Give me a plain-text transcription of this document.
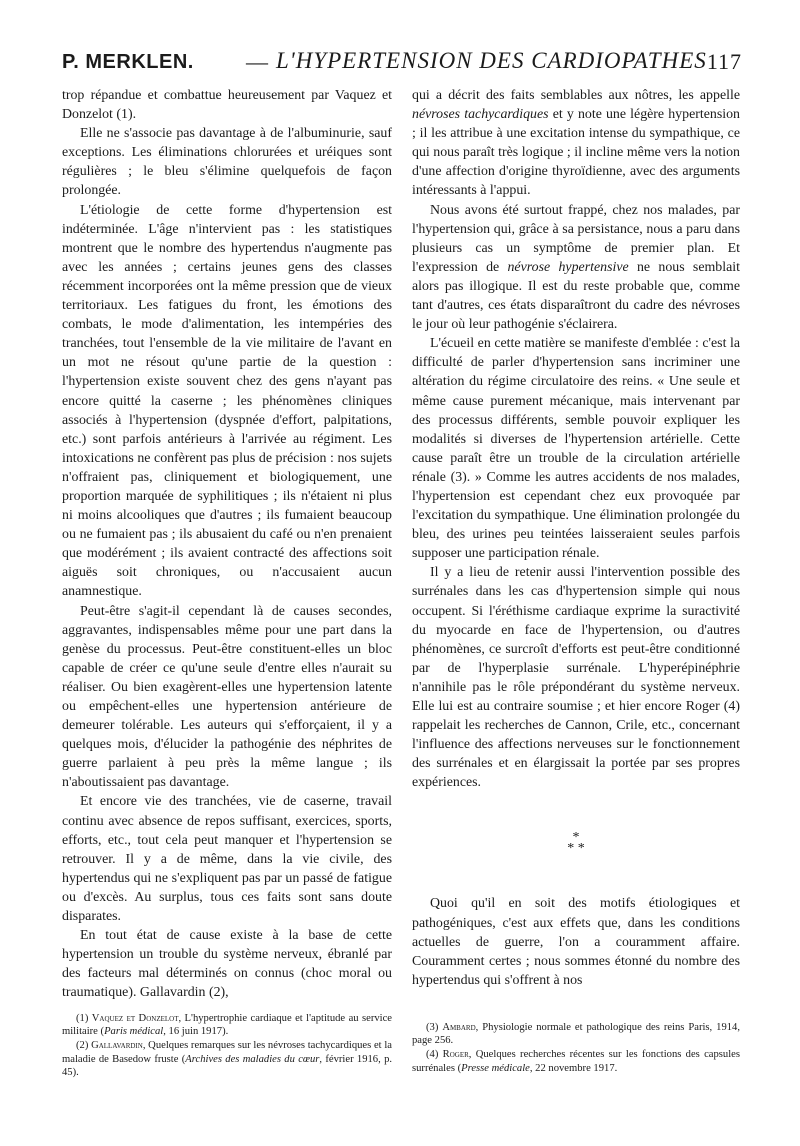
P. MERKLEN. — L'HYPERTENSION DES CARDIOPATHES 117

trop répandue et combattue heureusement par Vaquez et Donzelot (1).

Elle ne s'associe pas davantage à de l'albuminurie, sauf exceptions. Les éliminations chlorurées et uréiques sont régulières ; le bleu s'élimine quelquefois de façon prolongée.

L'étiologie de cette forme d'hypertension est indéterminée. L'âge n'intervient pas : les statistiques montrent que le nombre des hypertendus n'augmente pas avec les années ; certains jeunes gens des classes récemment incorporées ont la même pression que de vieux territoriaux. Les fatigues du front, les émotions des combats, le mode d'alimentation, les intempéries des tranchées, tout l'ensemble de la vie militaire de l'avant en un mot ne résout qu'une partie de la question : l'hypertension existe souvent chez des gens n'ayant pas encore quitté la caserne ; les phénomènes cliniques associés à l'hypertension (dyspnée d'effort, palpitations, etc.) sont parfois antérieurs à l'arrivée au régiment. Les intoxications ne confèrent pas plus de précision : nos sujets n'offraient pas, cliniquement et biologiquement, une proportion marquée de syphilitiques ; ils n'étaient ni plus ni moins alcooliques que d'autres ; ils fumaient beaucoup ou ne fumaient pas ; ils abusaient du café ou n'en prenaient que modérément ; ils avaient contracté des affections soit aiguës soit chroniques, ou n'accusaient aucun anamnestique.

Peut-être s'agit-il cependant là de causes secondes, aggravantes, indispensables même pour une part dans la genèse du processus. Peut-être constituent-elles un bloc capable de créer ce qu'une seule d'entre elles n'aurait su réaliser. Ou bien exagèrent-elles une hypertension latente ou empêchent-elles une hypertension antérieure de demeurer tolérable. Les auteurs qui s'efforçaient, il y a quelques mois, d'élucider la pathogénie des néphrites de guerre parlaient à peu près la même langue ; ils n'aboutissaient pas davantage.

Et encore vie des tranchées, vie de caserne, travail continu avec absence de repos suffisant, exercices, sports, efforts, etc., tout cela peut manquer et l'hypertension se retrouver. Il y a de même, dans la vie civile, des hypertendus qui ne s'expliquent pas par un passé de fatigue ou d'excès. Au surplus, tous ces faits sont sans doute disparates.

En tout état de cause existe à la base de cette hypertension un trouble du système nerveux, ébranlé par des facteurs mal déterminés on connus (choc moral ou traumatique). Gallavardin (2),

qui a décrit des faits semblables aux nôtres, les appelle névroses tachycardiques et y note une légère hypertension ; il les attribue à une excitation intense du sympathique, ce qui nous paraît très logique ; il incline même vers la notion d'une affection d'origine thyroïdienne, avec des arguments intéressants à l'appui.

Nous avons été surtout frappé, chez nos malades, par l'hypertension qui, grâce à sa persistance, nous a paru dans plusieurs cas un symptôme de premier plan. Et l'expression de névrose hypertensive ne nous semblait alors pas illogique. Il est du reste probable que, comme tant d'autres, ces états disparaîtront du cadre des névroses le jour où leur pathogénie s'éclairera.

L'écueil en cette matière se manifeste d'emblée : c'est la difficulté de parler d'hypertension sans incriminer une altération du régime circulatoire des reins. « Une seule et même cause purement mécanique, mais intervenant par des processus différents, semble pouvoir expliquer les modalités si diverses de l'hypertension artérielle. Cette cause paraît être un trouble de la circulation artérielle rénale (3). » Comme les autres accidents de nos malades, l'hypertension est cependant chez eux provoquée par l'excitation du sympathique. Une élimination prolongée du bleu, des urines peu teintées laisseraient seules parfois supposer une participation rénale.

Il y a lieu de retenir aussi l'intervention possible des surrénales dans les cas d'hypertension simple qui nous occupent. Si l'éréthisme cardiaque exprime la suractivité du myocarde en face de l'hypertension, ou d'autres phénomènes, ce surcroît d'efforts est peut-être conditionné par de l'hyperplasie surrénale. L'hyperépinéphrie n'annihile pas le rôle prépondérant du système nerveux. Elle lui est au contraire soumise ; et hier encore Roger (4) rappelait les recherches de Cannon, Crile, etc., concernant l'influence des affections nerveuses sur le fonctionnement des surrénales et en élargissait la portée par ses propres expériences.

*
* *

Quoi qu'il en soit des motifs étiologiques et pathogéniques, c'est aux effets que, dans les conditions actuelles de guerre, l'on a couramment affaire. Couramment certes ; nous sommes étonné du nombre des hypertendus qui s'offrent à nos

(1) Vaquez et Donzelot, L'hypertrophie cardiaque et l'aptitude au service militaire (Paris médical, 16 juin 1917).

(2) Gallavardin, Quelques remarques sur les névroses tachycardiques et la maladie de Basedow fruste (Archives des maladies du cœur, février 1916, p. 45).

(3) Ambard, Physiologie normale et pathologique des reins Paris, 1914, page 256.

(4) Roger, Quelques recherches récentes sur les fonctions des capsules surrénales (Presse médicale, 22 novembre 1917.
